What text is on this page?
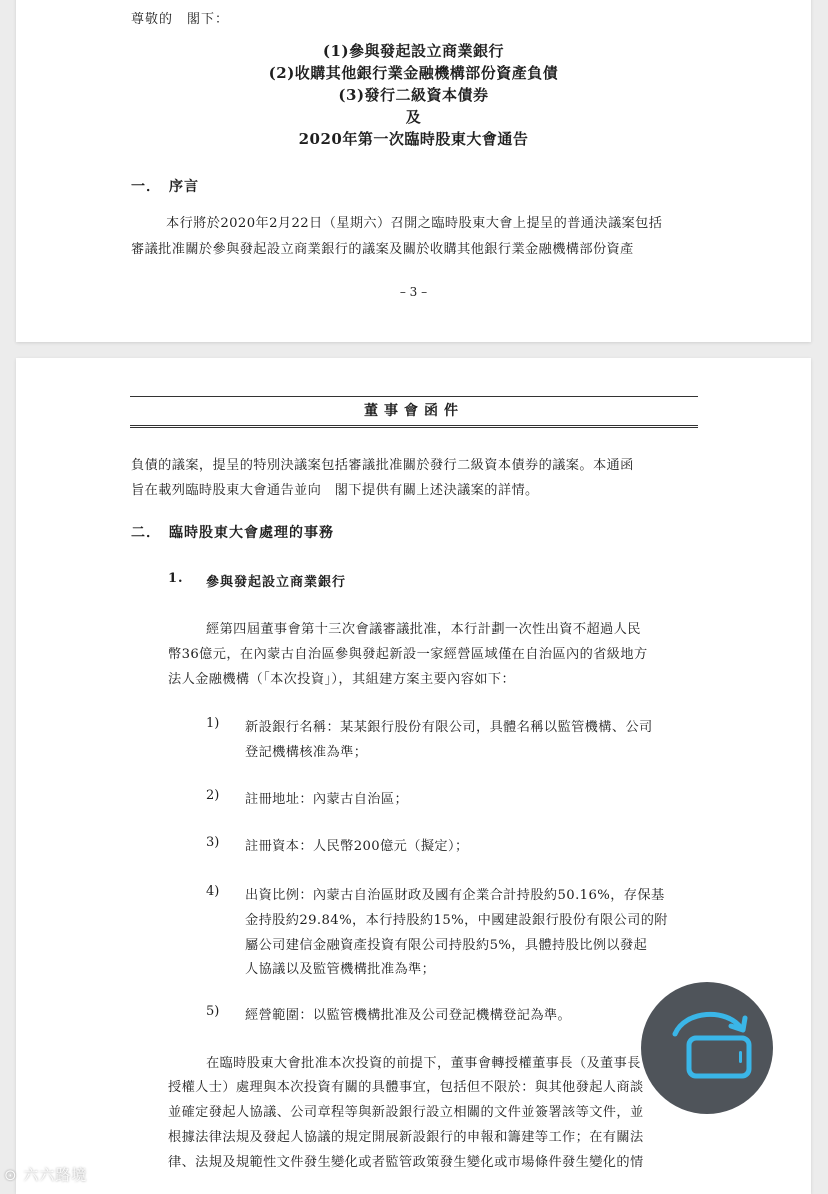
尊敬的　閣下：
(1)參與發起設立商業銀行
(2)收購其他銀行業金融機構部份資產負債
(3)發行二級資本債券
及
2020年第一次臨時股東大會通告
一．　序言
本行將於2020年2月22日（星期六）召開之臨時股東大會上提呈的普通決議案包括
審議批准關於參與發起設立商業銀行的議案及關於收購其他銀行業金融機構部份資產
– 3 –
董事會函件
負債的議案，提呈的特別決議案包括審議批准關於發行二級資本債券的議案。本通函
旨在載列臨時股東大會通告並向　閣下提供有關上述決議案的詳情。
二．　臨時股東大會處理的事務
1. 參與發起設立商業銀行
經第四屆董事會第十三次會議審議批准，本行計劃一次性出資不超過人民
幣36億元，在內蒙古自治區參與發起新設一家經營區域僅在自治區內的省級地方
法人金融機構（「本次投資」），其組建方案主要內容如下：
1) 新設銀行名稱：某某銀行股份有限公司，具體名稱以監管機構、公司
登記機構核准為準；
2) 註冊地址：內蒙古自治區；
3) 註冊資本：人民幣200億元（擬定）；
4) 出資比例：內蒙古自治區財政及國有企業合計持股約50.16%，存保基
金持股約29.84%，本行持股約15%，中國建設銀行股份有限公司的附
屬公司建信金融資產投資有限公司持股約5%，具體持股比例以發起
人協議以及監管機構批准為準；
5) 經營範圍：以監管機構批准及公司登記機構登記為準。
在臨時股東大會批准本次投資的前提下，董事會轉授權董事長（及董事長
授權人士）處理與本次投資有關的具體事宜，包括但不限於：與其他發起人商談
並確定發起人協議、公司章程等與新設銀行設立相關的文件並簽署該等文件，並
根據法律法規及發起人協議的規定開展新設銀行的申報和籌建等工作；在有關法
律、法規及規範性文件發生變化或者監管政策發生變化或市場條件發生變化的情
⊙ 六六路境
